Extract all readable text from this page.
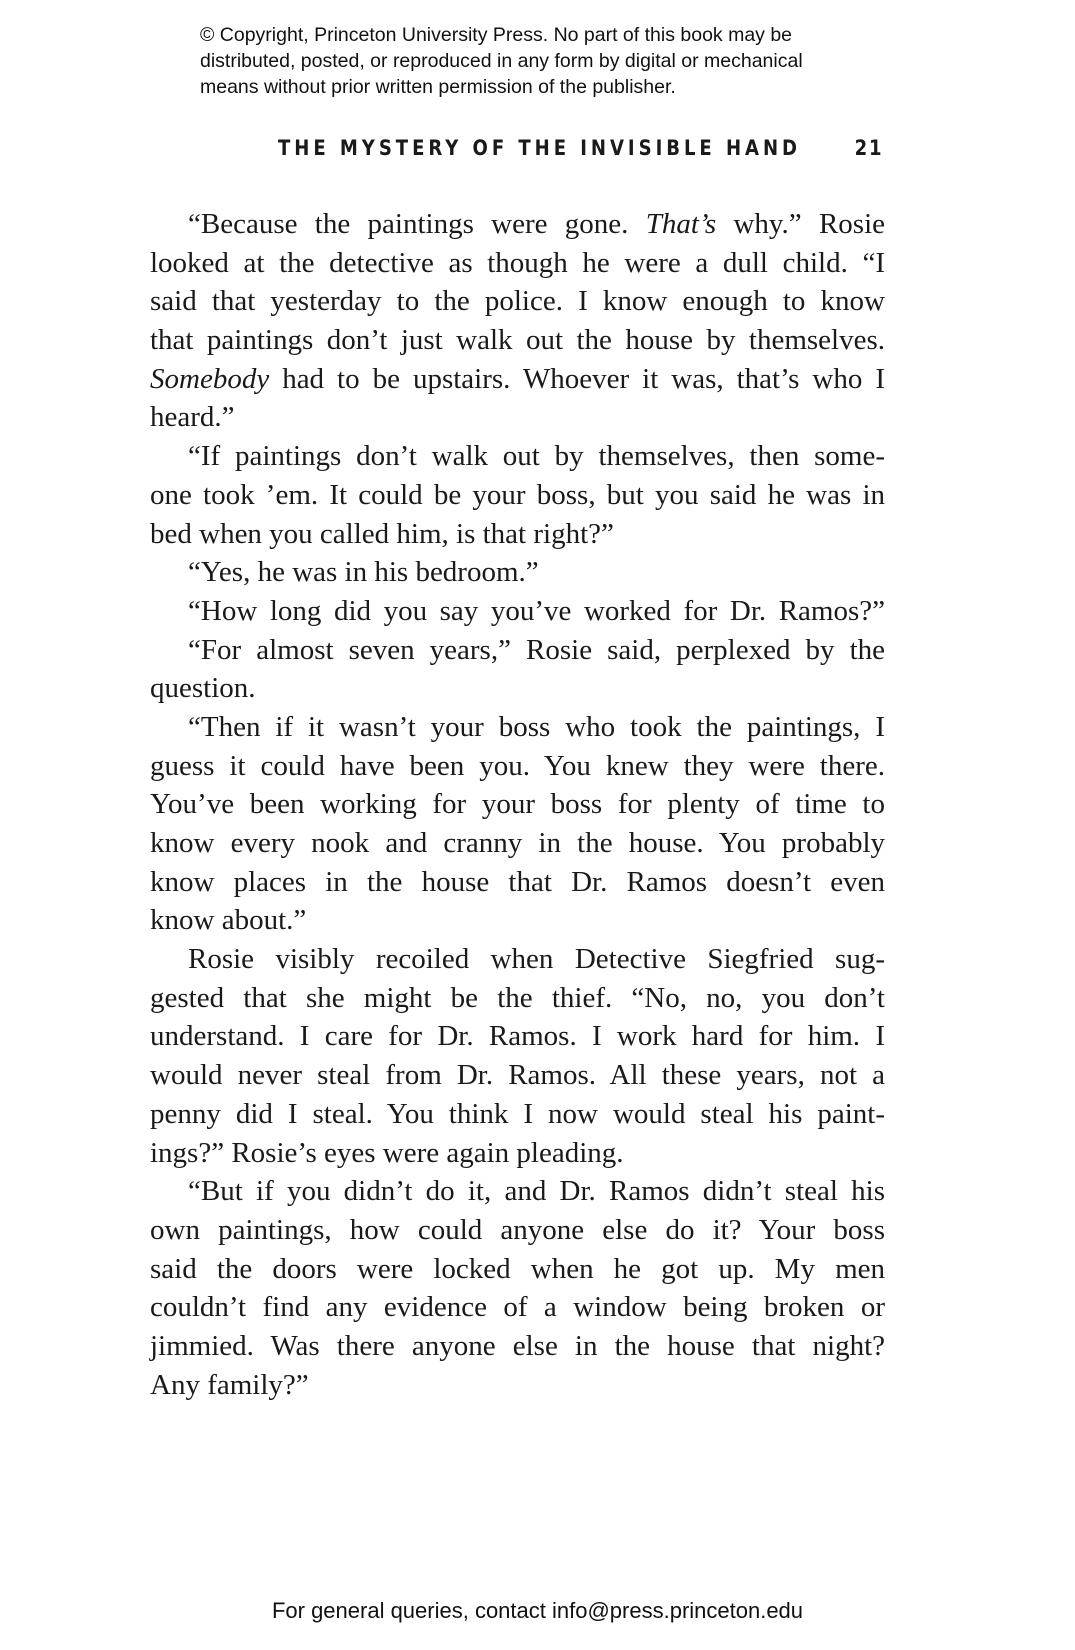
© Copyright, Princeton University Press. No part of this book may be
distributed, posted, or reproduced in any form by digital or mechanical
means without prior written permission of the publisher.
THE MYSTERY OF THE INVISIBLE HAND	21
“Because the paintings were gone. That’s why.” Rosie
looked at the detective as though he were a dull child. “I
said that yesterday to the police. I know enough to know
that paintings don’t just walk out the house by themselves.
Somebody had to be upstairs. Whoever it was, that’s who I
heard.”
“If paintings don’t walk out by themselves, then some-
one took ’em. It could be your boss, but you said he was in
bed when you called him, is that right?”
“Yes, he was in his bedroom.”
“How long did you say you’ve worked for Dr. Ramos?”
“For almost seven years,” Rosie said, perplexed by the
question.
“Then if it wasn’t your boss who took the paintings, I
guess it could have been you. You knew they were there.
You’ve been working for your boss for plenty of time to
know every nook and cranny in the house. You probably
know places in the house that Dr. Ramos doesn’t even
know about.”
Rosie visibly recoiled when Detective Siegfried sug-
gested that she might be the thief. “No, no, you don’t
understand. I care for Dr. Ramos. I work hard for him. I
would never steal from Dr. Ramos. All these years, not a
penny did I steal. You think I now would steal his paint-
ings?” Rosie’s eyes were again pleading.
“But if you didn’t do it, and Dr. Ramos didn’t steal his
own paintings, how could anyone else do it? Your boss
said the doors were locked when he got up. My men
couldn’t find any evidence of a window being broken or
jimmied. Was there anyone else in the house that night?
Any family?”
For general queries, contact info@press.princeton.edu
